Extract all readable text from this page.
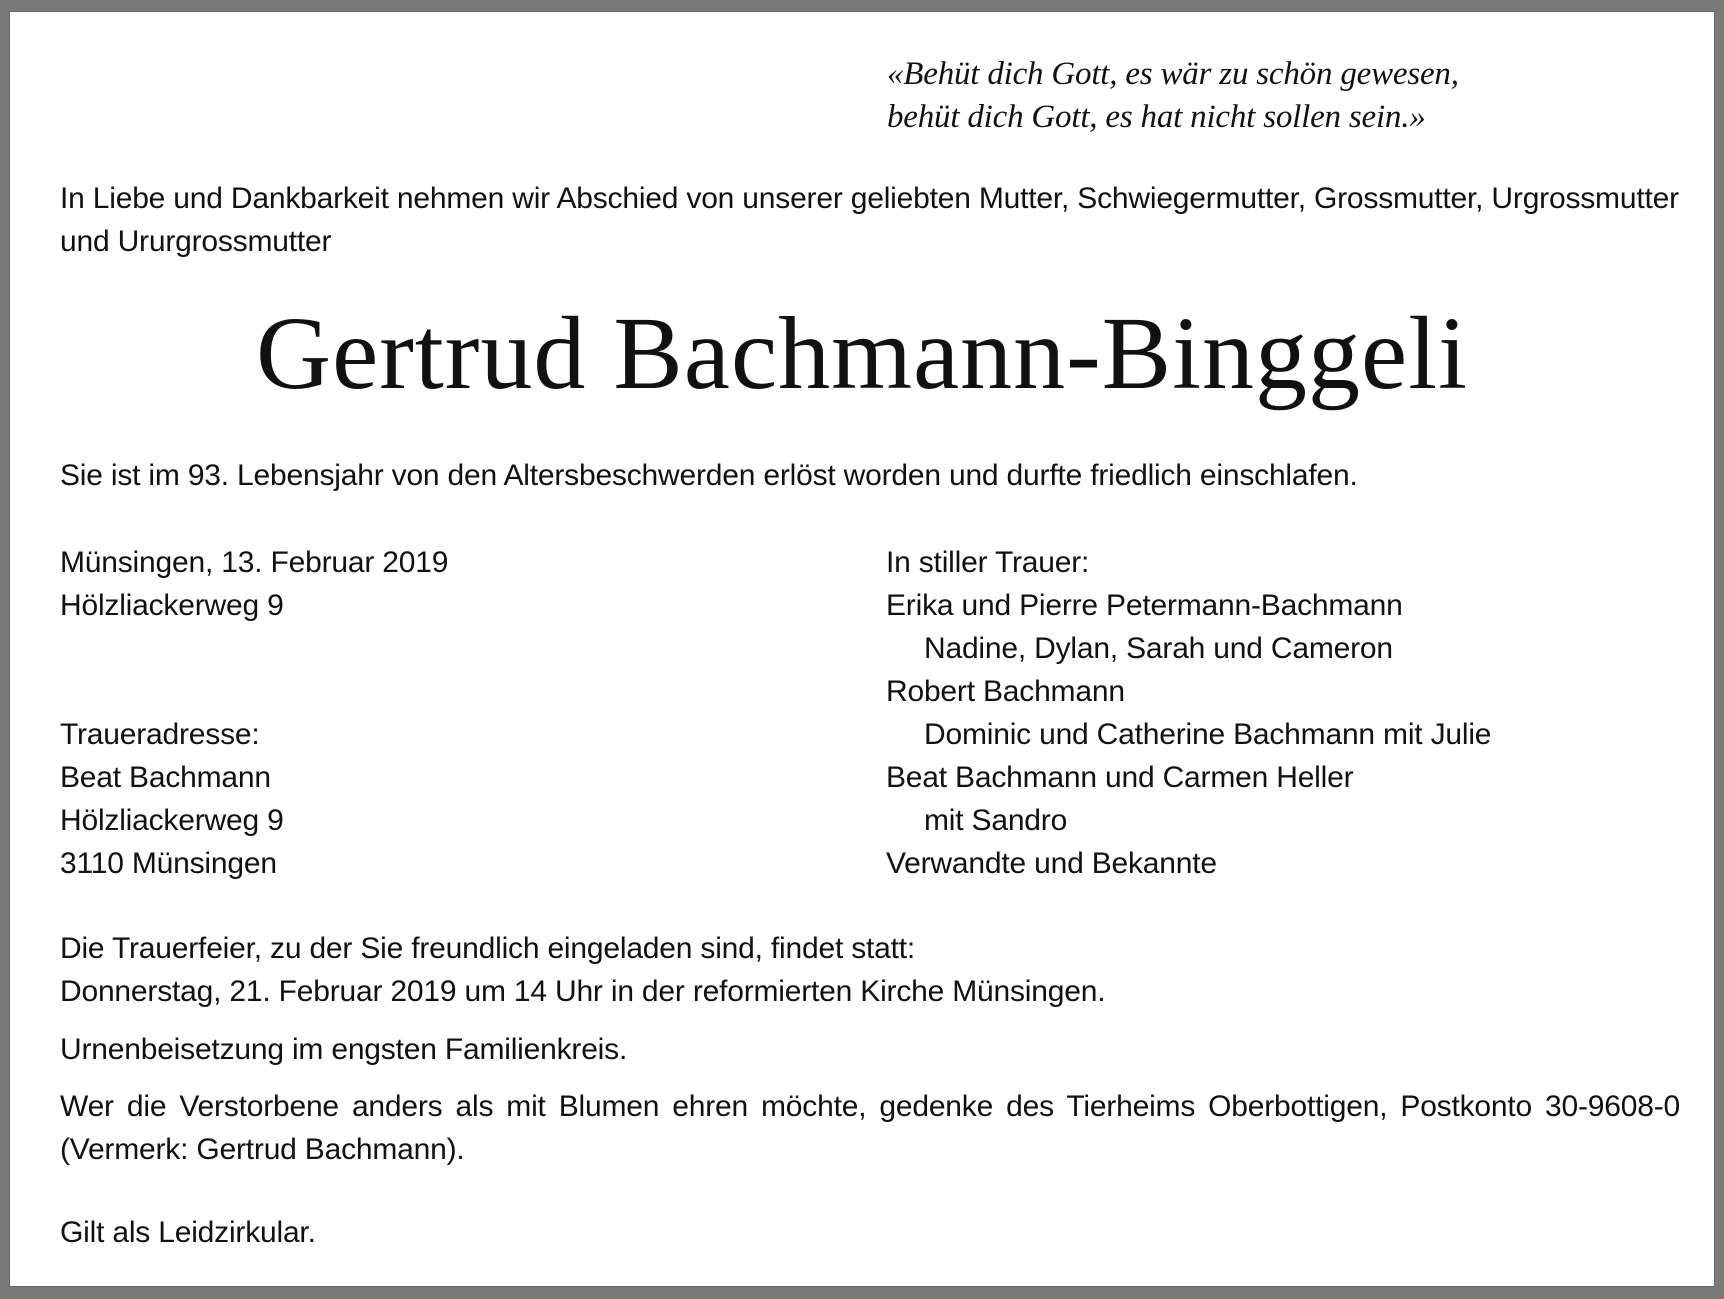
«Behüt dich Gott, es wär zu schön gewesen,
behüt dich Gott, es hat nicht sollen sein.»
In Liebe und Dankbarkeit nehmen wir Abschied von unserer geliebten Mutter, Schwiegermutter, Grossmutter, Urgrossmutter und Ururgrossmutter
Gertrud Bachmann-Binggeli
Sie ist im 93. Lebensjahr von den Altersbeschwerden erlöst worden und durfte friedlich einschlafen.
Münsingen, 13. Februar 2019
Hölzliackerweg 9
Traueradresse:
Beat Bachmann
Hölzliackerweg 9
3110 Münsingen
In stiller Trauer:
Erika und Pierre Petermann-Bachmann
Nadine, Dylan, Sarah und Cameron
Robert Bachmann
Dominic und Catherine Bachmann mit Julie
Beat Bachmann und Carmen Heller
mit Sandro
Verwandte und Bekannte
Die Trauerfeier, zu der Sie freundlich eingeladen sind, findet statt:
Donnerstag, 21. Februar 2019 um 14 Uhr in der reformierten Kirche Münsingen.
Urnenbeisetzung im engsten Familienkreis.
Wer die Verstorbene anders als mit Blumen ehren möchte, gedenke des Tierheims Oberbottigen, Postkonto 30-9608-0 (Vermerk: Gertrud Bachmann).
Gilt als Leidzirkular.
